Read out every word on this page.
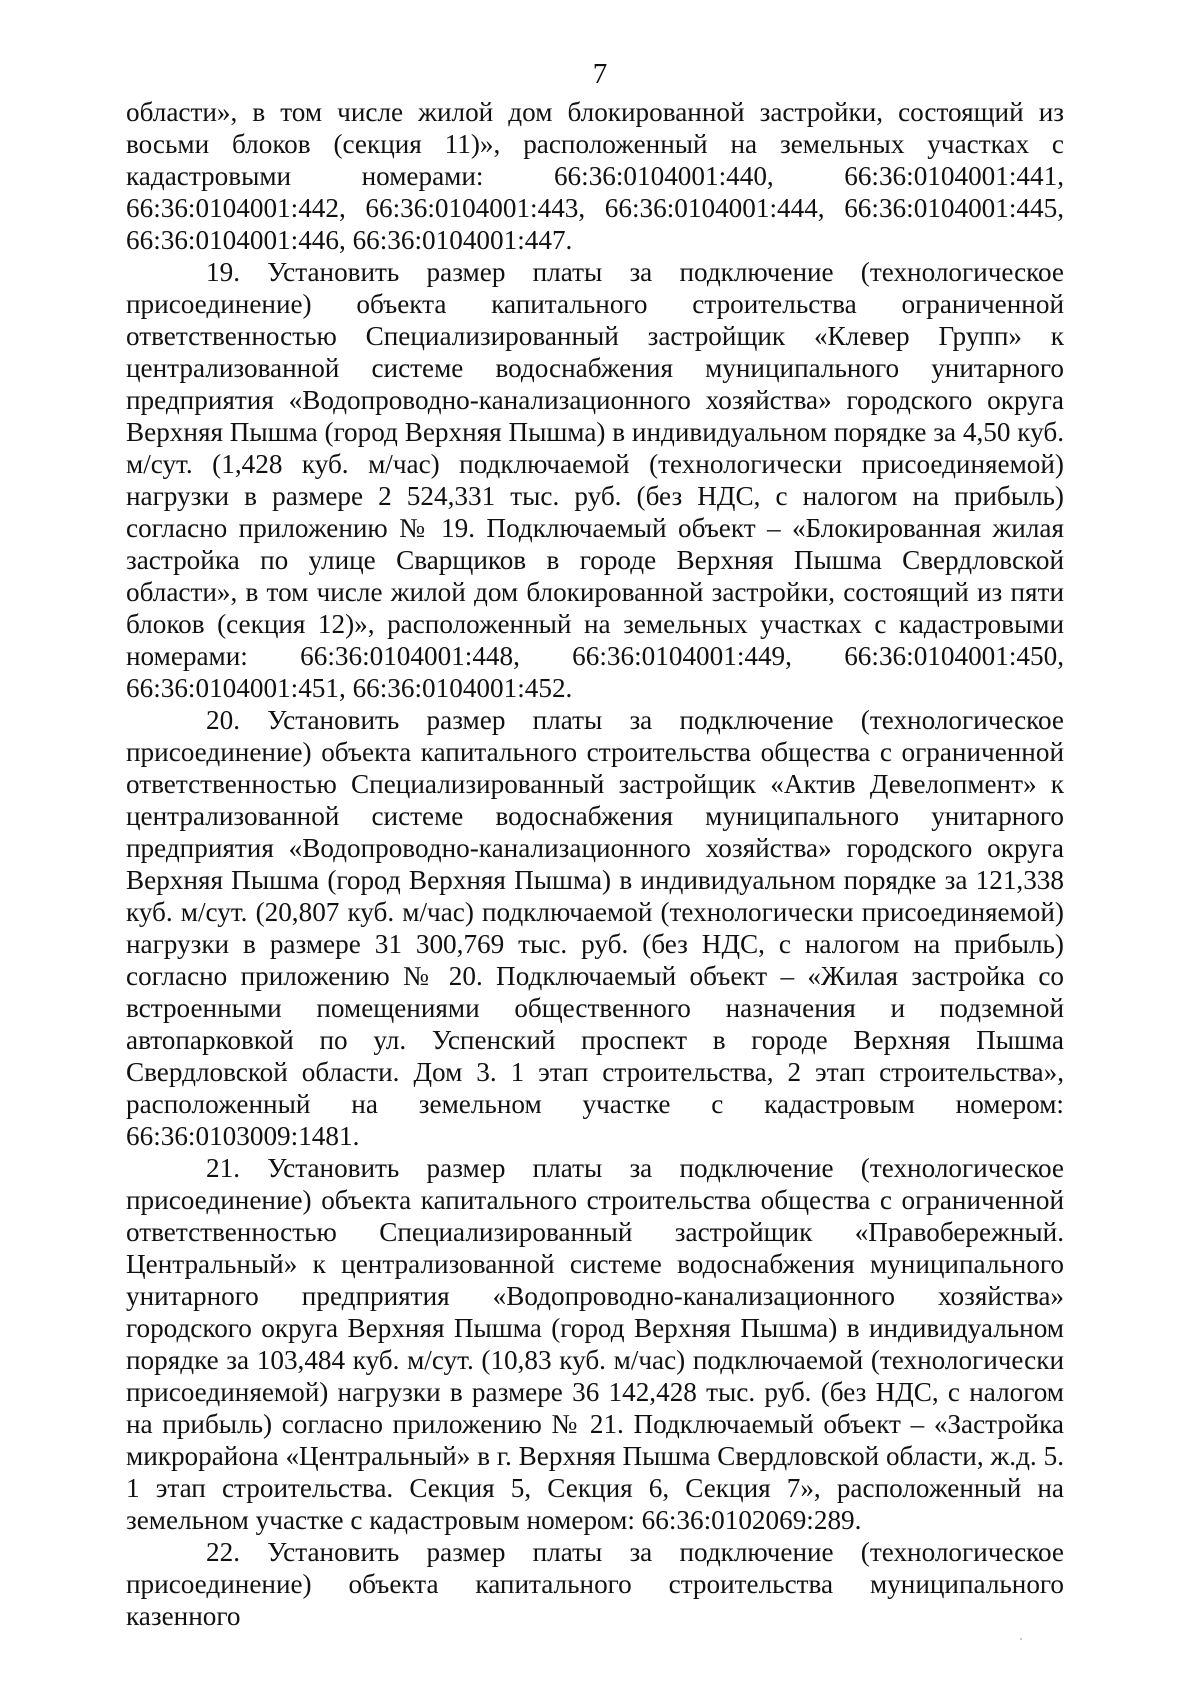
7

области», в том числе жилой дом блокированной застройки, состоящий из восьми блоков (секция 11)», расположенный на земельных участках с кадастровыми номерами: 66:36:0104001:440, 66:36:0104001:441, 66:36:0104001:442, 66:36:0104001:443, 66:36:0104001:444, 66:36:0104001:445, 66:36:0104001:446, 66:36:0104001:447.

19. Установить размер платы за подключение (технологическое присоединение) объекта капитального строительства ограниченной ответственностью Специализированный застройщик «Клевер Групп» к централизованной системе водоснабжения муниципального унитарного предприятия «Водопроводно-канализационного хозяйства» городского округа Верхняя Пышма (город Верхняя Пышма) в индивидуальном порядке за 4,50 куб. м/сут. (1,428 куб. м/час) подключаемой (технологически присоединяемой) нагрузки в размере 2 524,331 тыс. руб. (без НДС, с налогом на прибыль) согласно приложению № 19. Подключаемый объект – «Блокированная жилая застройка по улице Сварщиков в городе Верхняя Пышма Свердловской области», в том числе жилой дом блокированной застройки, состоящий из пяти блоков (секция 12)», расположенный на земельных участках с кадастровыми номерами: 66:36:0104001:448, 66:36:0104001:449, 66:36:0104001:450, 66:36:0104001:451, 66:36:0104001:452.

20. Установить размер платы за подключение (технологическое присоединение) объекта капитального строительства общества с ограниченной ответственностью Специализированный застройщик «Актив Девелопмент» к централизованной системе водоснабжения муниципального унитарного предприятия «Водопроводно-канализационного хозяйства» городского округа Верхняя Пышма (город Верхняя Пышма) в индивидуальном порядке за 121,338 куб. м/сут. (20,807 куб. м/час) подключаемой (технологически присоединяемой) нагрузки в размере 31 300,769 тыс. руб. (без НДС, с налогом на прибыль) согласно приложению № 20. Подключаемый объект – «Жилая застройка со встроенными помещениями общественного назначения и подземной автопарковкой по ул. Успенский проспект в городе Верхняя Пышма Свердловской области. Дом 3. 1 этап строительства, 2 этап строительства», расположенный на земельном участке с кадастровым номером: 66:36:0103009:1481.

21. Установить размер платы за подключение (технологическое присоединение) объекта капитального строительства общества с ограниченной ответственностью Специализированный застройщик «Правобережный. Центральный» к централизованной системе водоснабжения муниципального унитарного предприятия «Водопроводно-канализационного хозяйства» городского округа Верхняя Пышма (город Верхняя Пышма) в индивидуальном порядке за 103,484 куб. м/сут. (10,83 куб. м/час) подключаемой (технологически присоединяемой) нагрузки в размере 36 142,428 тыс. руб. (без НДС, с налогом на прибыль) согласно приложению № 21. Подключаемый объект – «Застройка микрорайона «Центральный» в г. Верхняя Пышма Свердловской области, ж.д. 5. 1 этап строительства. Секция 5, Секция 6, Секция 7», расположенный на земельном участке с кадастровым номером: 66:36:0102069:289.

22. Установить размер платы за подключение (технологическое присоединение) объекта капитального строительства муниципального казенного
